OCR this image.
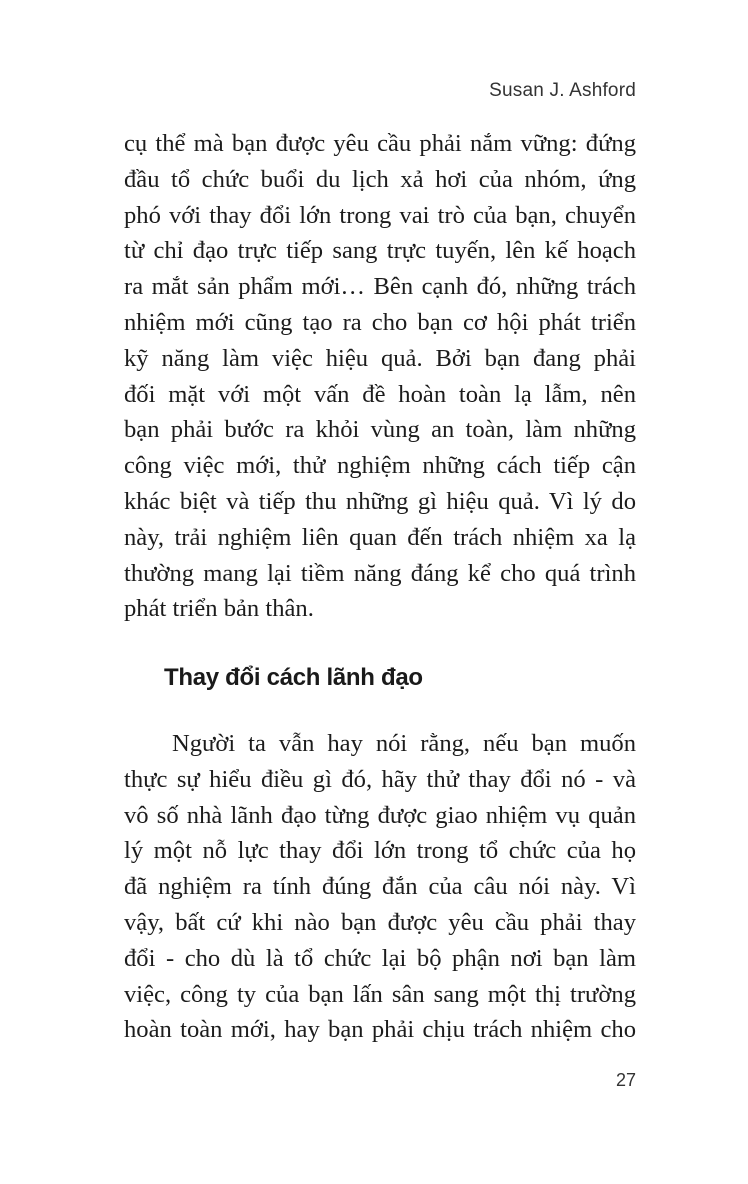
Susan J. Ashford
cụ thể mà bạn được yêu cầu phải nắm vững: đứng
đầu tổ chức buổi du lịch xả hơi của nhóm, ứng
phó với thay đổi lớn trong vai trò của bạn, chuyển
từ chỉ đạo trực tiếp sang trực tuyến, lên kế hoạch
ra mắt sản phẩm mới… Bên cạnh đó, những trách
nhiệm mới cũng tạo ra cho bạn cơ hội phát triển
kỹ năng làm việc hiệu quả. Bởi bạn đang phải
đối mặt với một vấn đề hoàn toàn lạ lẫm, nên
bạn phải bước ra khỏi vùng an toàn, làm những
công việc mới, thử nghiệm những cách tiếp cận
khác biệt và tiếp thu những gì hiệu quả. Vì lý do
này, trải nghiệm liên quan đến trách nhiệm xa lạ
thường mang lại tiềm năng đáng kể cho quá trình
phát triển bản thân.
Thay đổi cách lãnh đạo
Người ta vẫn hay nói rằng, nếu bạn muốn
thực sự hiểu điều gì đó, hãy thử thay đổi nó - và
vô số nhà lãnh đạo từng được giao nhiệm vụ quản
lý một nỗ lực thay đổi lớn trong tổ chức của họ
đã nghiệm ra tính đúng đắn của câu nói này. Vì
vậy, bất cứ khi nào bạn được yêu cầu phải thay
đổi - cho dù là tổ chức lại bộ phận nơi bạn làm
việc, công ty của bạn lấn sân sang một thị trường
hoàn toàn mới, hay bạn phải chịu trách nhiệm cho
27
